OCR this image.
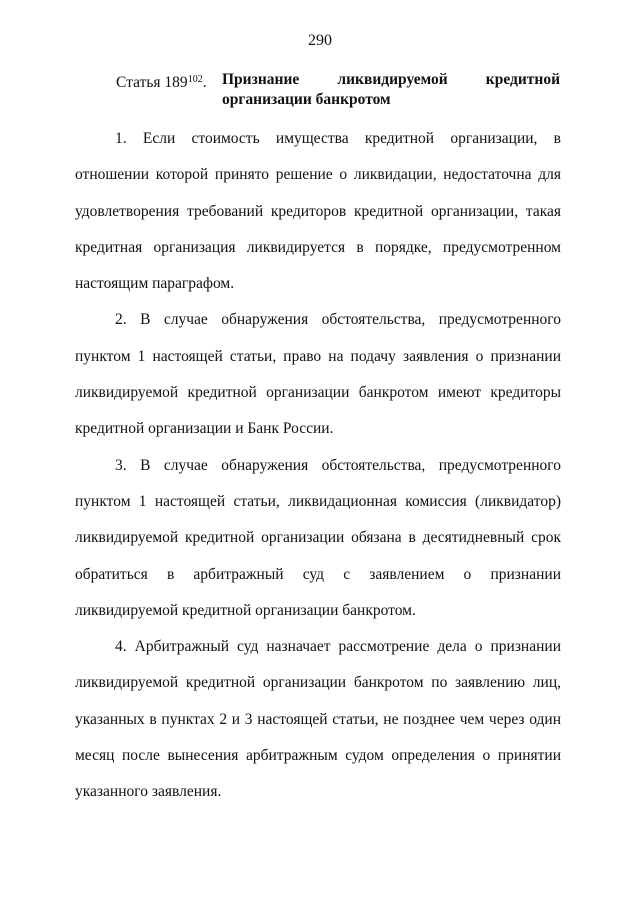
290
Статья $189^{102}$. Признание ликвидируемой кредитной
организации банкротом

1. Если стоимость имущества кредитной организации, в отношении которой принято решение о ликвидации, недостаточна для удовлетворения требований кредиторов кредитной организации, такая кредитная организация ликвидируется в порядке, предусмотренном настоящим параграфом.

2. В случае обнаружения обстоятельства, предусмотренного пунктом 1 настоящей статьи, право на подачу заявления о признании ликвидируемой кредитной организации банкротом имеют кредиторы кредитной организации и Банк России.

3. В случае обнаружения обстоятельства, предусмотренного пунктом 1 настоящей статьи, ликвидационная комиссия (ликвидатор) ликвидируемой кредитной организации обязана в десятидневный срок обратиться в арбитражный суд с заявлением о признании ликвидируемой кредитной организации банкротом.

4. Арбитражный суд назначает рассмотрение дела о признании ликвидируемой кредитной организации банкротом по заявлению лиц, указанных в пунктах 2 и 3 настоящей статьи, не позднее чем через один месяц после вынесения арбитражным судом определения о принятии указанного заявления.
